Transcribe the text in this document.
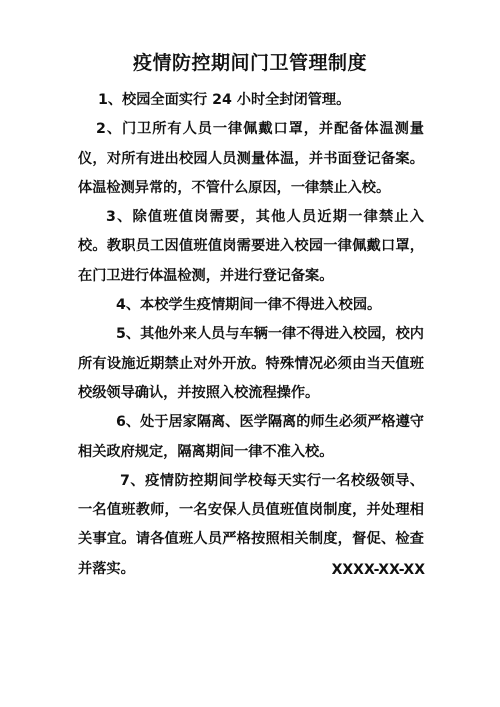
疫情防控期间门卫管理制度

1、校园全面实行 24 小时全封闭管理。

2、门卫所有人员一律佩戴口罩，并配备体温测量仪，对所有进出校园人员测量体温，并书面登记备案。体温检测异常的，不管什么原因，一律禁止入校。

3、除值班值岗需要，其他人员近期一律禁止入校。教职员工因值班值岗需要进入校园一律佩戴口罩，在门卫进行体温检测，并进行登记备案。

4、本校学生疫情期间一律不得进入校园。

5、其他外来人员与车辆一律不得进入校园，校内所有设施近期禁止对外开放。特殊情况必须由当天值班校级领导确认，并按照入校流程操作。

6、处于居家隔离、医学隔离的师生必须严格遵守相关政府规定，隔离期间一律不准入校。

7、疫情防控期间学校每天实行一名校级领导、一名值班教师，一名安保人员值班值岗制度，并处理相关事宜。请各值班人员严格按照相关制度，督促、检查并落实。	XXXX-XX-XX
